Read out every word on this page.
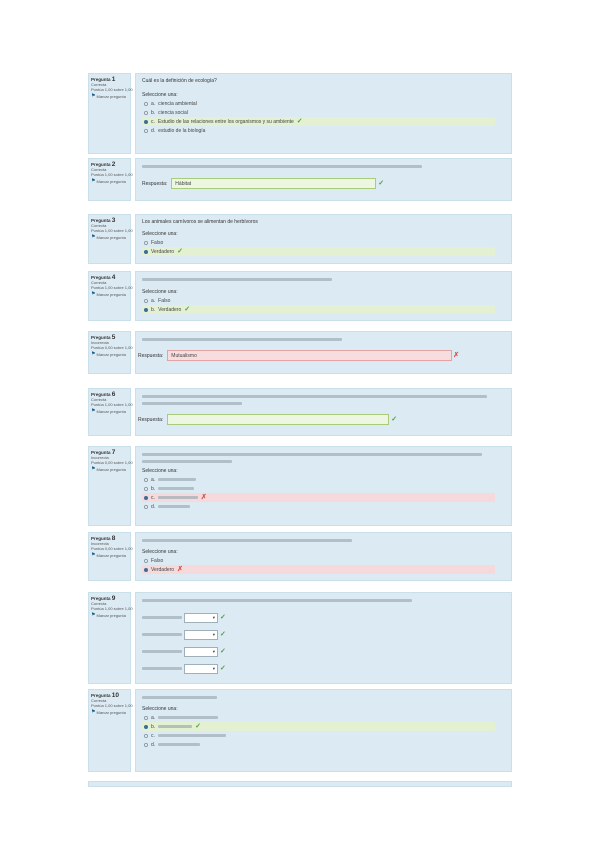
Pregunta 1
Correcta
Puntúa 1,00 sobre 1,00
⚑ Marcar pregunta
Cuál es la definición de ecología?
Seleccione una:
a. ciencia ambiental
b. ciencia social
c. Estudio de las relaciones entre los organismos y su ambiente ✓
d. estudio de la biología
Pregunta 2
Correcta
Puntúa 1,00 sobre 1,00
⚑ Marcar pregunta	Respuesta: Hábitat	✓
Pregunta 3
Correcta
Puntúa 1,00 sobre 1,00
⚑ Marcar pregunta
Los animales carnívoros se alimentan de herbívoros
Seleccione una:
Falso
Verdadero ✓
Pregunta 4
Correcta
Puntúa 1,00 sobre 1,00
⚑ Marcar pregunta	Seleccione una:
a. Falso
b. Verdadero ✓
Pregunta 5
Incorrecta
Puntúa 0,00 sobre 1,00
⚑ Marcar pregunta Respuesta: Mutualismo	✗
Pregunta 6
Correcta
Puntúa 1,00 sobre 1,00
⚑ Marcar pregunta
Respuesta:	✓
Pregunta 7
Incorrecta
Puntúa 0,00 sobre 1,00
⚑ Marcar pregunta	Seleccione una:
a.
b.
c.	✗
d.
Pregunta 8
Incorrecta
Puntúa 0,00 sobre 1,00
⚑ Marcar pregunta
Seleccione una:
Falso
Verdadero ✗
Pregunta 9
Correcta
Puntúa 1,00 sobre 1,00
⚑ Marcar pregunta	▾ ✓
▾ ✓
▾ ✓
▾ ✓
Pregunta 10
Correcta
Puntúa 1,00 sobre 1,00
⚑ Marcar pregunta
Seleccione una:
a.
b.	✓
c.
d.
